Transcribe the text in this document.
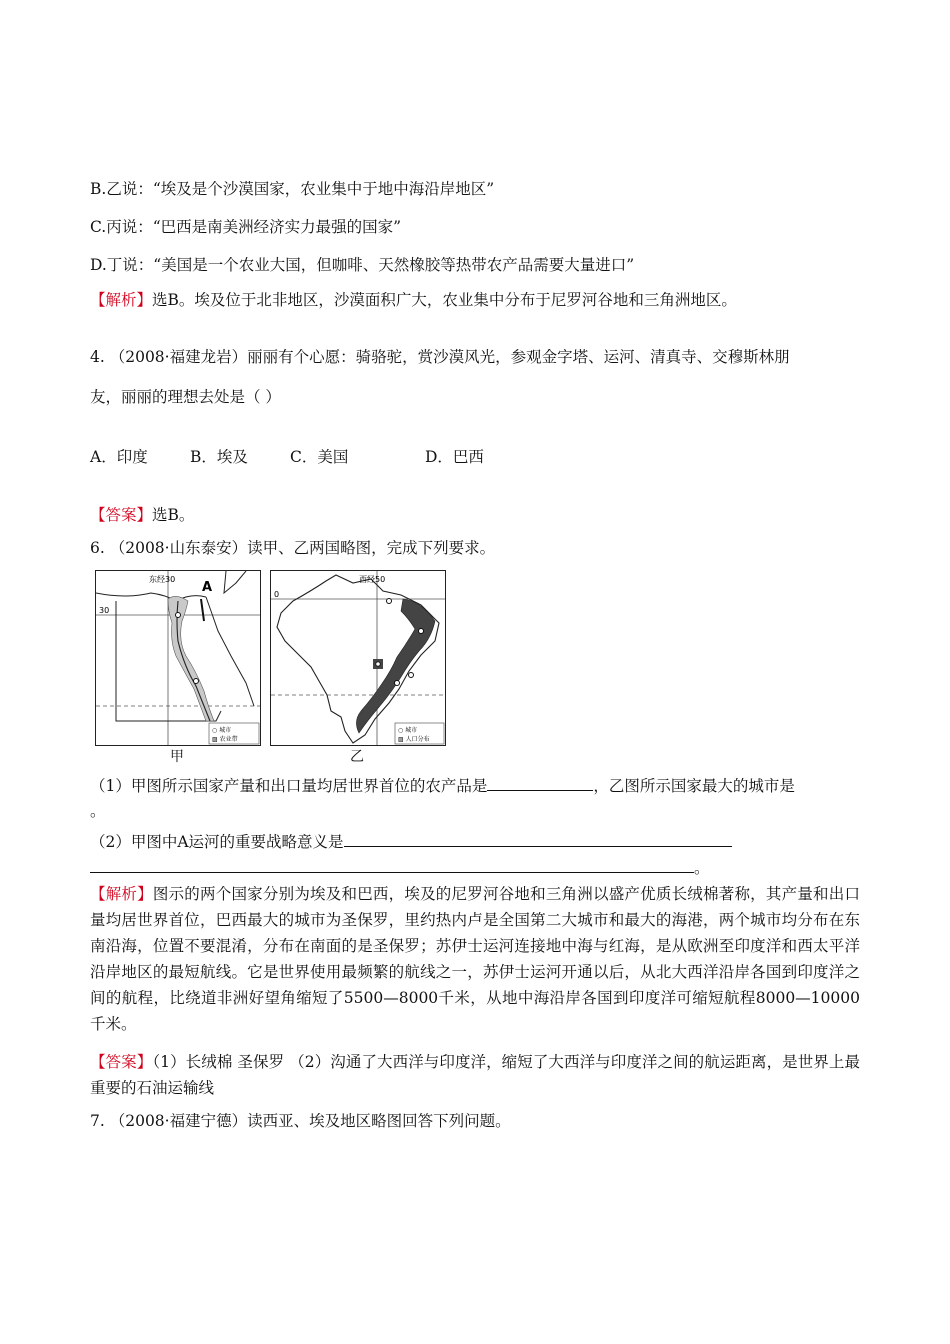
B.乙说：“埃及是个沙漠国家，农业集中于地中海沿岸地区”
C.丙说：“巴西是南美洲经济实力最强的国家”
D.丁说：“美国是一个农业大国，但咖啡、天然橡胶等热带农产品需要大量进口”
【解析】选B。埃及位于北非地区，沙漠面积广大，农业集中分布于尼罗河谷地和三角洲地区。
4. （2008·福建龙岩）丽丽有个心愿：骑骆驼，赏沙漠风光，参观金字塔、运河、清真寺、交穆斯林朋
友，丽丽的理想去处是（ ）
A．印度	B．埃及	C．美国	D．巴西
【答案】选B。
6. （2008·山东泰安）读甲、乙两国略图，完成下列要求。
东经30
30
A
○ 城市
▨ 农业带
甲
西经50
0
○ 城市
▨ 人口分布
乙
（1）甲图所示国家产量和出口量均居世界首位的农产品是	，乙图所示国家最大的城市是
。
（2）甲图中A运河的重要战略意义是
。
【解析】图示的两个国家分别为埃及和巴西，埃及的尼罗河谷地和三角洲以盛产优质长绒棉著称，其产量和出口量均居世界首位，巴西最大的城市为圣保罗，里约热内卢是全国第二大城市和最大的海港，两个城市均分布在东南沿海，位置不要混淆，分布在南面的是圣保罗；苏伊士运河连接地中海与红海，是从欧洲至印度洋和西太平洋沿岸地区的最短航线。它是世界使用最频繁的航线之一，苏伊士运河开通以后，从北大西洋沿岸各国到印度洋之间的航程，比绕道非洲好望角缩短了5500—8000千米，从地中海沿岸各国到印度洋可缩短航程8000—10000千米。
【答案】（1）长绒棉 圣保罗 （2）沟通了大西洋与印度洋，缩短了大西洋与印度洋之间的航运距离，是世界上最重要的石油运输线
7. （2008·福建宁德）读西亚、埃及地区略图回答下列问题。
